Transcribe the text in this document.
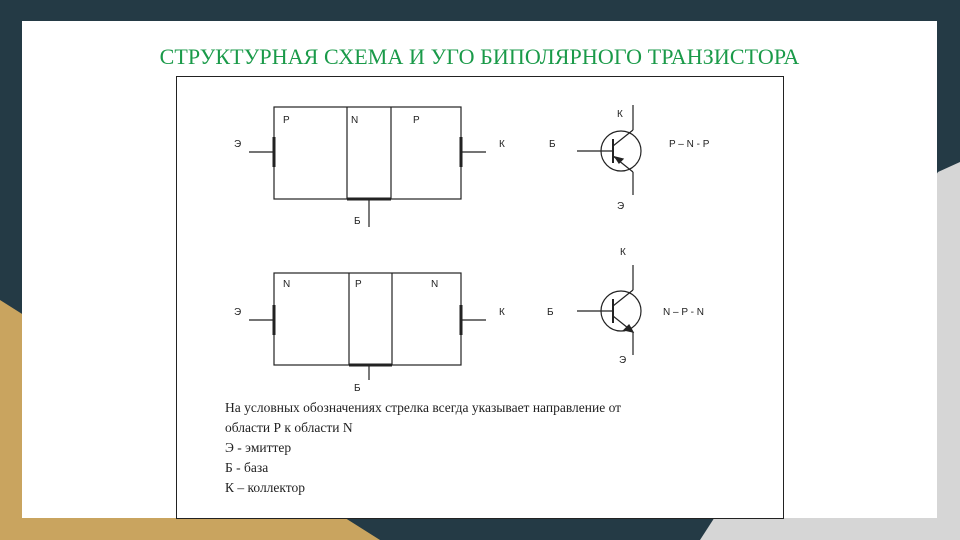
СТРУКТУРНАЯ СХЕМА И УГО БИПОЛЯРНОГО ТРАНЗИСТОРА
P	N	P
Э	К
Б
К
Б
Э
P – N - P
N	P	N
Э	К
Б
К
Б
Э
N – P - N
На условных обозначениях стрелка всегда указывает направление от
области Р к области N
Э - эмиттер
Б - база
К – коллектор
